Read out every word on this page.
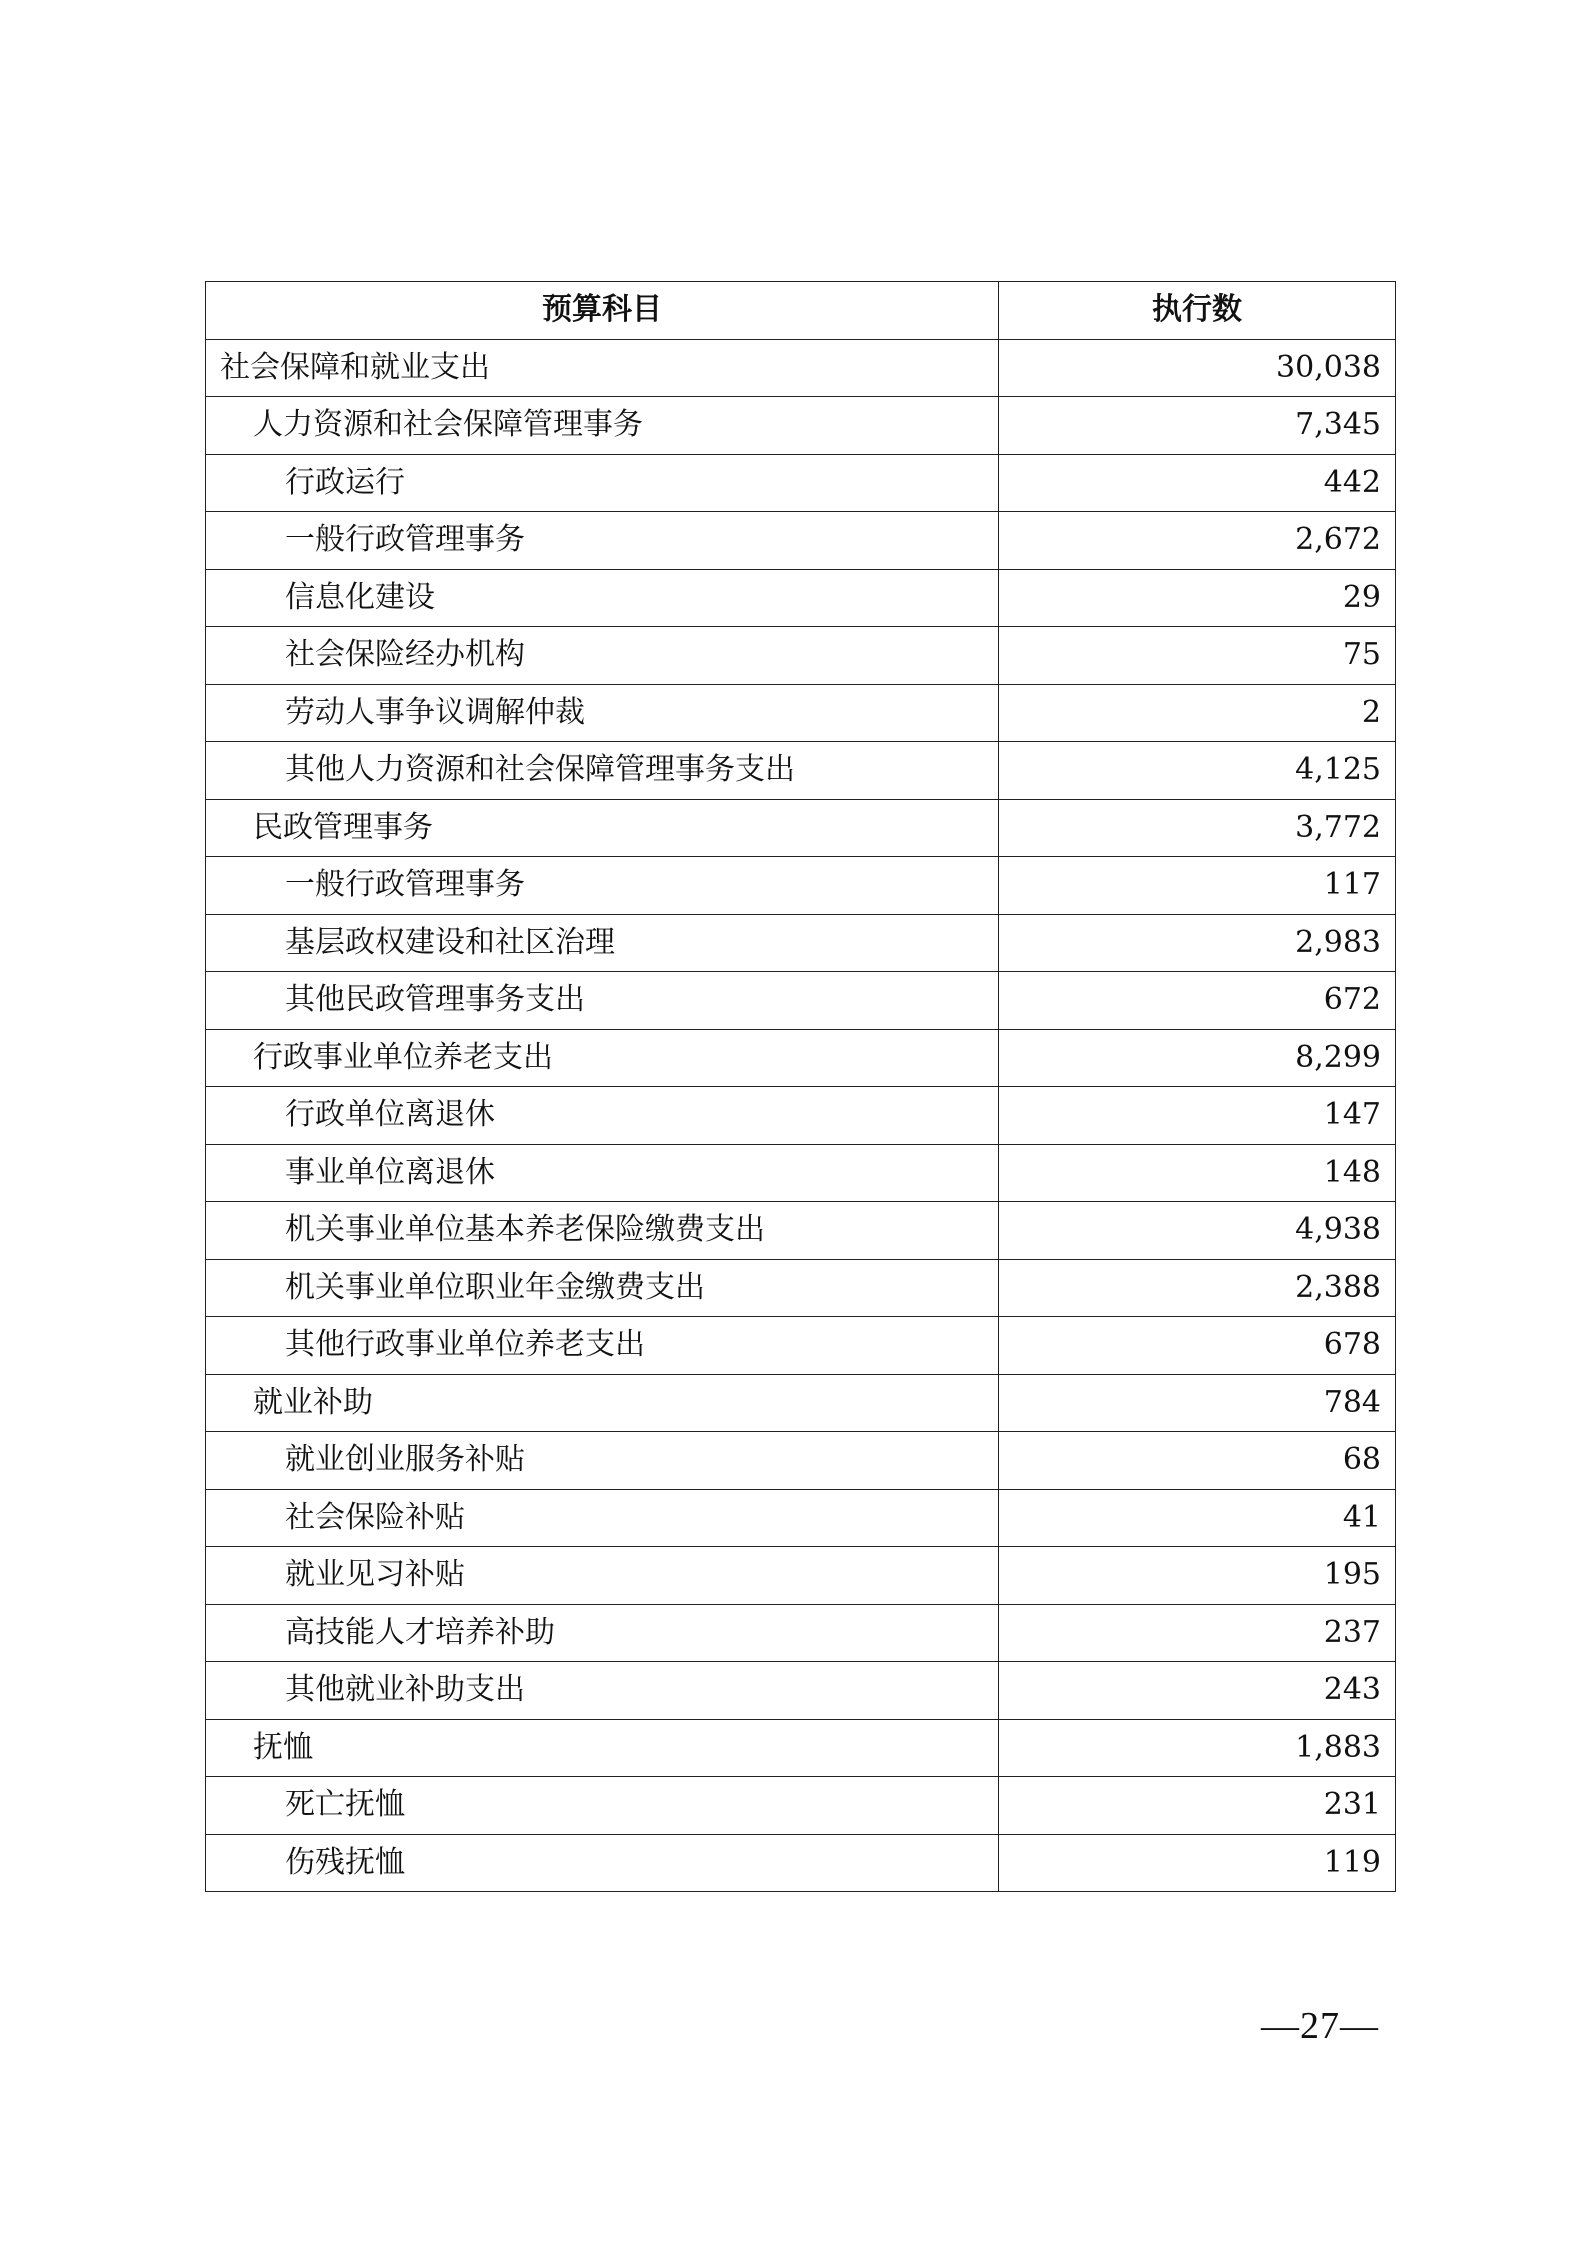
预算科目	执行数
社会保障和就业支出	30,038
人力资源和社会保障管理事务	7,345
行政运行	442
一般行政管理事务	2,672
信息化建设	29
社会保险经办机构	75
劳动人事争议调解仲裁	2
其他人力资源和社会保障管理事务支出	4,125
民政管理事务	3,772
一般行政管理事务	117
基层政权建设和社区治理	2,983
其他民政管理事务支出	672
行政事业单位养老支出	8,299
行政单位离退休	147
事业单位离退休	148
机关事业单位基本养老保险缴费支出	4,938
机关事业单位职业年金缴费支出	2,388
其他行政事业单位养老支出	678
就业补助	784
就业创业服务补贴	68
社会保险补贴	41
就业见习补贴	195
高技能人才培养补助	237
其他就业补助支出	243
抚恤	1,883
死亡抚恤	231
伤残抚恤	119
—27—
